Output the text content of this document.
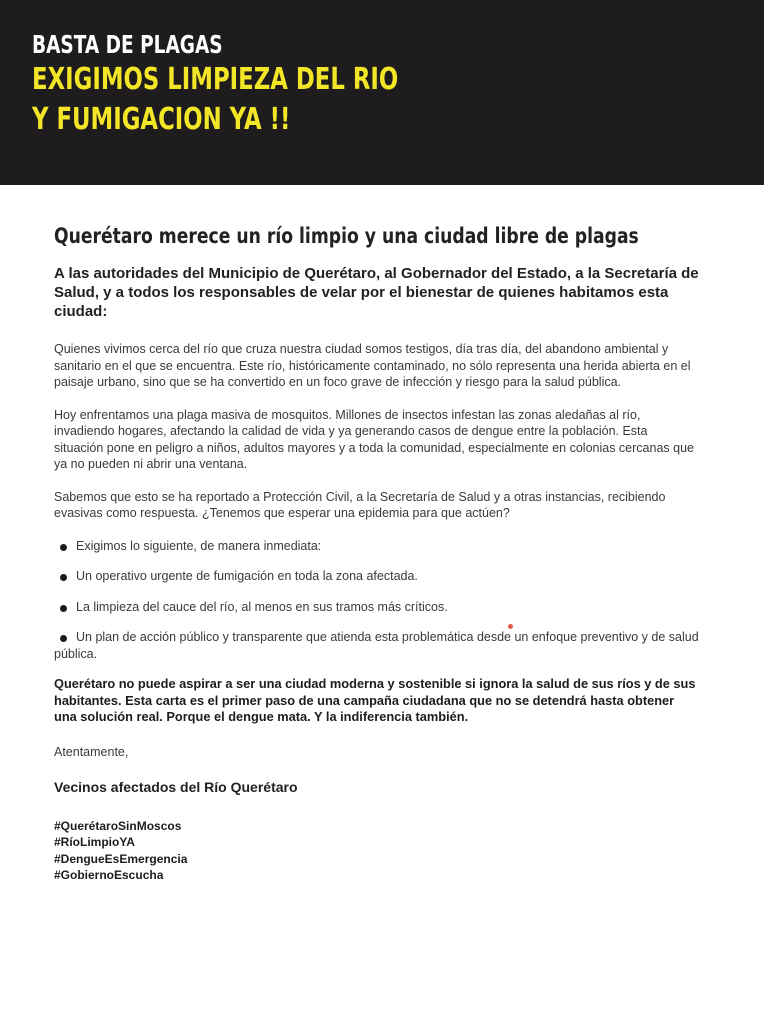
BASTA DE PLAGAS
EXIGIMOS LIMPIEZA DEL RIO
Y FUMIGACION YA !!
Querétaro merece un río limpio y una ciudad libre de plagas

A las autoridades del Municipio de Querétaro, al Gobernador del Estado, a la Secretaría de Salud, y a todos los responsables de velar por el bienestar de quienes habitamos esta ciudad:

Quienes vivimos cerca del río que cruza nuestra ciudad somos testigos, día tras día, del abandono ambiental y sanitario en el que se encuentra. Este río, históricamente contaminado, no sólo representa una herida abierta en el paisaje urbano, sino que se ha convertido en un foco grave de infección y riesgo para la salud pública.

Hoy enfrentamos una plaga masiva de mosquitos. Millones de insectos infestan las zonas aledañas al río, invadiendo hogares, afectando la calidad de vida y ya generando casos de dengue entre la población. Esta situación pone en peligro a niños, adultos mayores y a toda la comunidad, especialmente en colonias cercanas que ya no pueden ni abrir una ventana.

Sabemos que esto se ha reportado a Protección Civil, a la Secretaría de Salud y a otras instancias, recibiendo evasivas como respuesta. ¿Tenemos que esperar una epidemia para que actúen?

Exigimos lo siguiente, de manera inmediata:
Un operativo urgente de fumigación en toda la zona afectada.
La limpieza del cauce del río, al menos en sus tramos más críticos.
Un plan de acción público y transparente que atienda esta problemática desde un enfoque preventivo y de salud pública.

Querétaro no puede aspirar a ser una ciudad moderna y sostenible si ignora la salud de sus ríos y de sus habitantes. Esta carta es el primer paso de una campaña ciudadana que no se detendrá hasta obtener una solución real. Porque el dengue mata. Y la indiferencia también.

Atentamente,

Vecinos afectados del Río Querétaro

#QuerétaroSinMoscos
#RíoLimpioYA
#DengueEsEmergencia
#GobiernoEscucha
